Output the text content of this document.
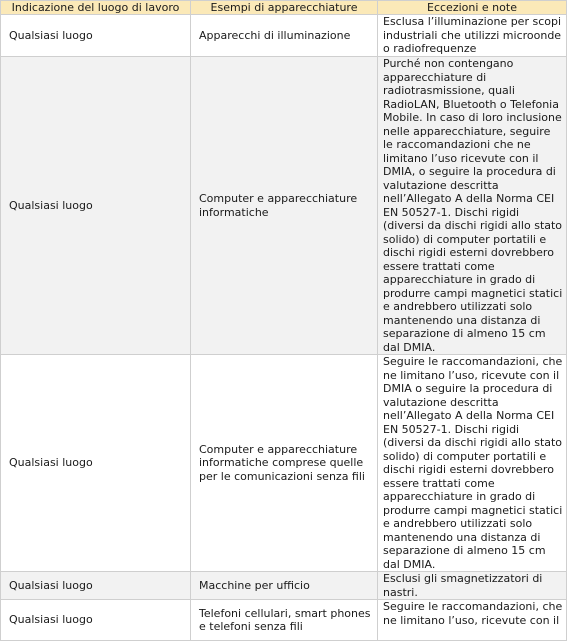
Indicazione del luogo di lavoro	Esempi di apparecchiature	Eccezioni e note
Qualsiasi luogo	Apparecchi di illuminazione	Esclusa l’illuminazione per scopi industriali che utilizzi microonde o radiofrequenze
Qualsiasi luogo	Computer e apparecchiature informatiche	Purché non contengano apparecchiature di radiotrasmissione, quali RadioLAN, Bluetooth o Telefonia Mobile. In caso di loro inclusione nelle apparecchiature, seguire le raccomandazioni che ne limitano l’uso ricevute con il DMIA, o seguire la procedura di valutazione descritta nell’Allegato A della Norma CEI EN 50527-1. Dischi rigidi (diversi da dischi rigidi allo stato solido) di computer portatili e dischi rigidi esterni dovrebbero essere trattati come apparecchiature in grado di produrre campi magnetici statici e andrebbero utilizzati solo mantenendo una distanza di separazione di almeno 15 cm dal DMIA.
Qualsiasi luogo	Computer e apparecchiature informatiche comprese quelle per le comunicazioni senza fili	Seguire le raccomandazioni, che ne limitano l’uso, ricevute con il DMIA o seguire la procedura di valutazione descritta nell’Allegato A della Norma CEI EN 50527-1. Dischi rigidi (diversi da dischi rigidi allo stato solido) di computer portatili e dischi rigidi esterni dovrebbero essere trattati come apparecchiature in grado di produrre campi magnetici statici e andrebbero utilizzati solo mantenendo una distanza di separazione di almeno 15 cm dal DMIA.
Qualsiasi luogo	Macchine per ufficio	Esclusi gli smagnetizzatori di nastri.
Qualsiasi luogo	Telefoni cellulari, smart phones e telefoni senza fili	Seguire le raccomandazioni, che ne limitano l’uso, ricevute con il
